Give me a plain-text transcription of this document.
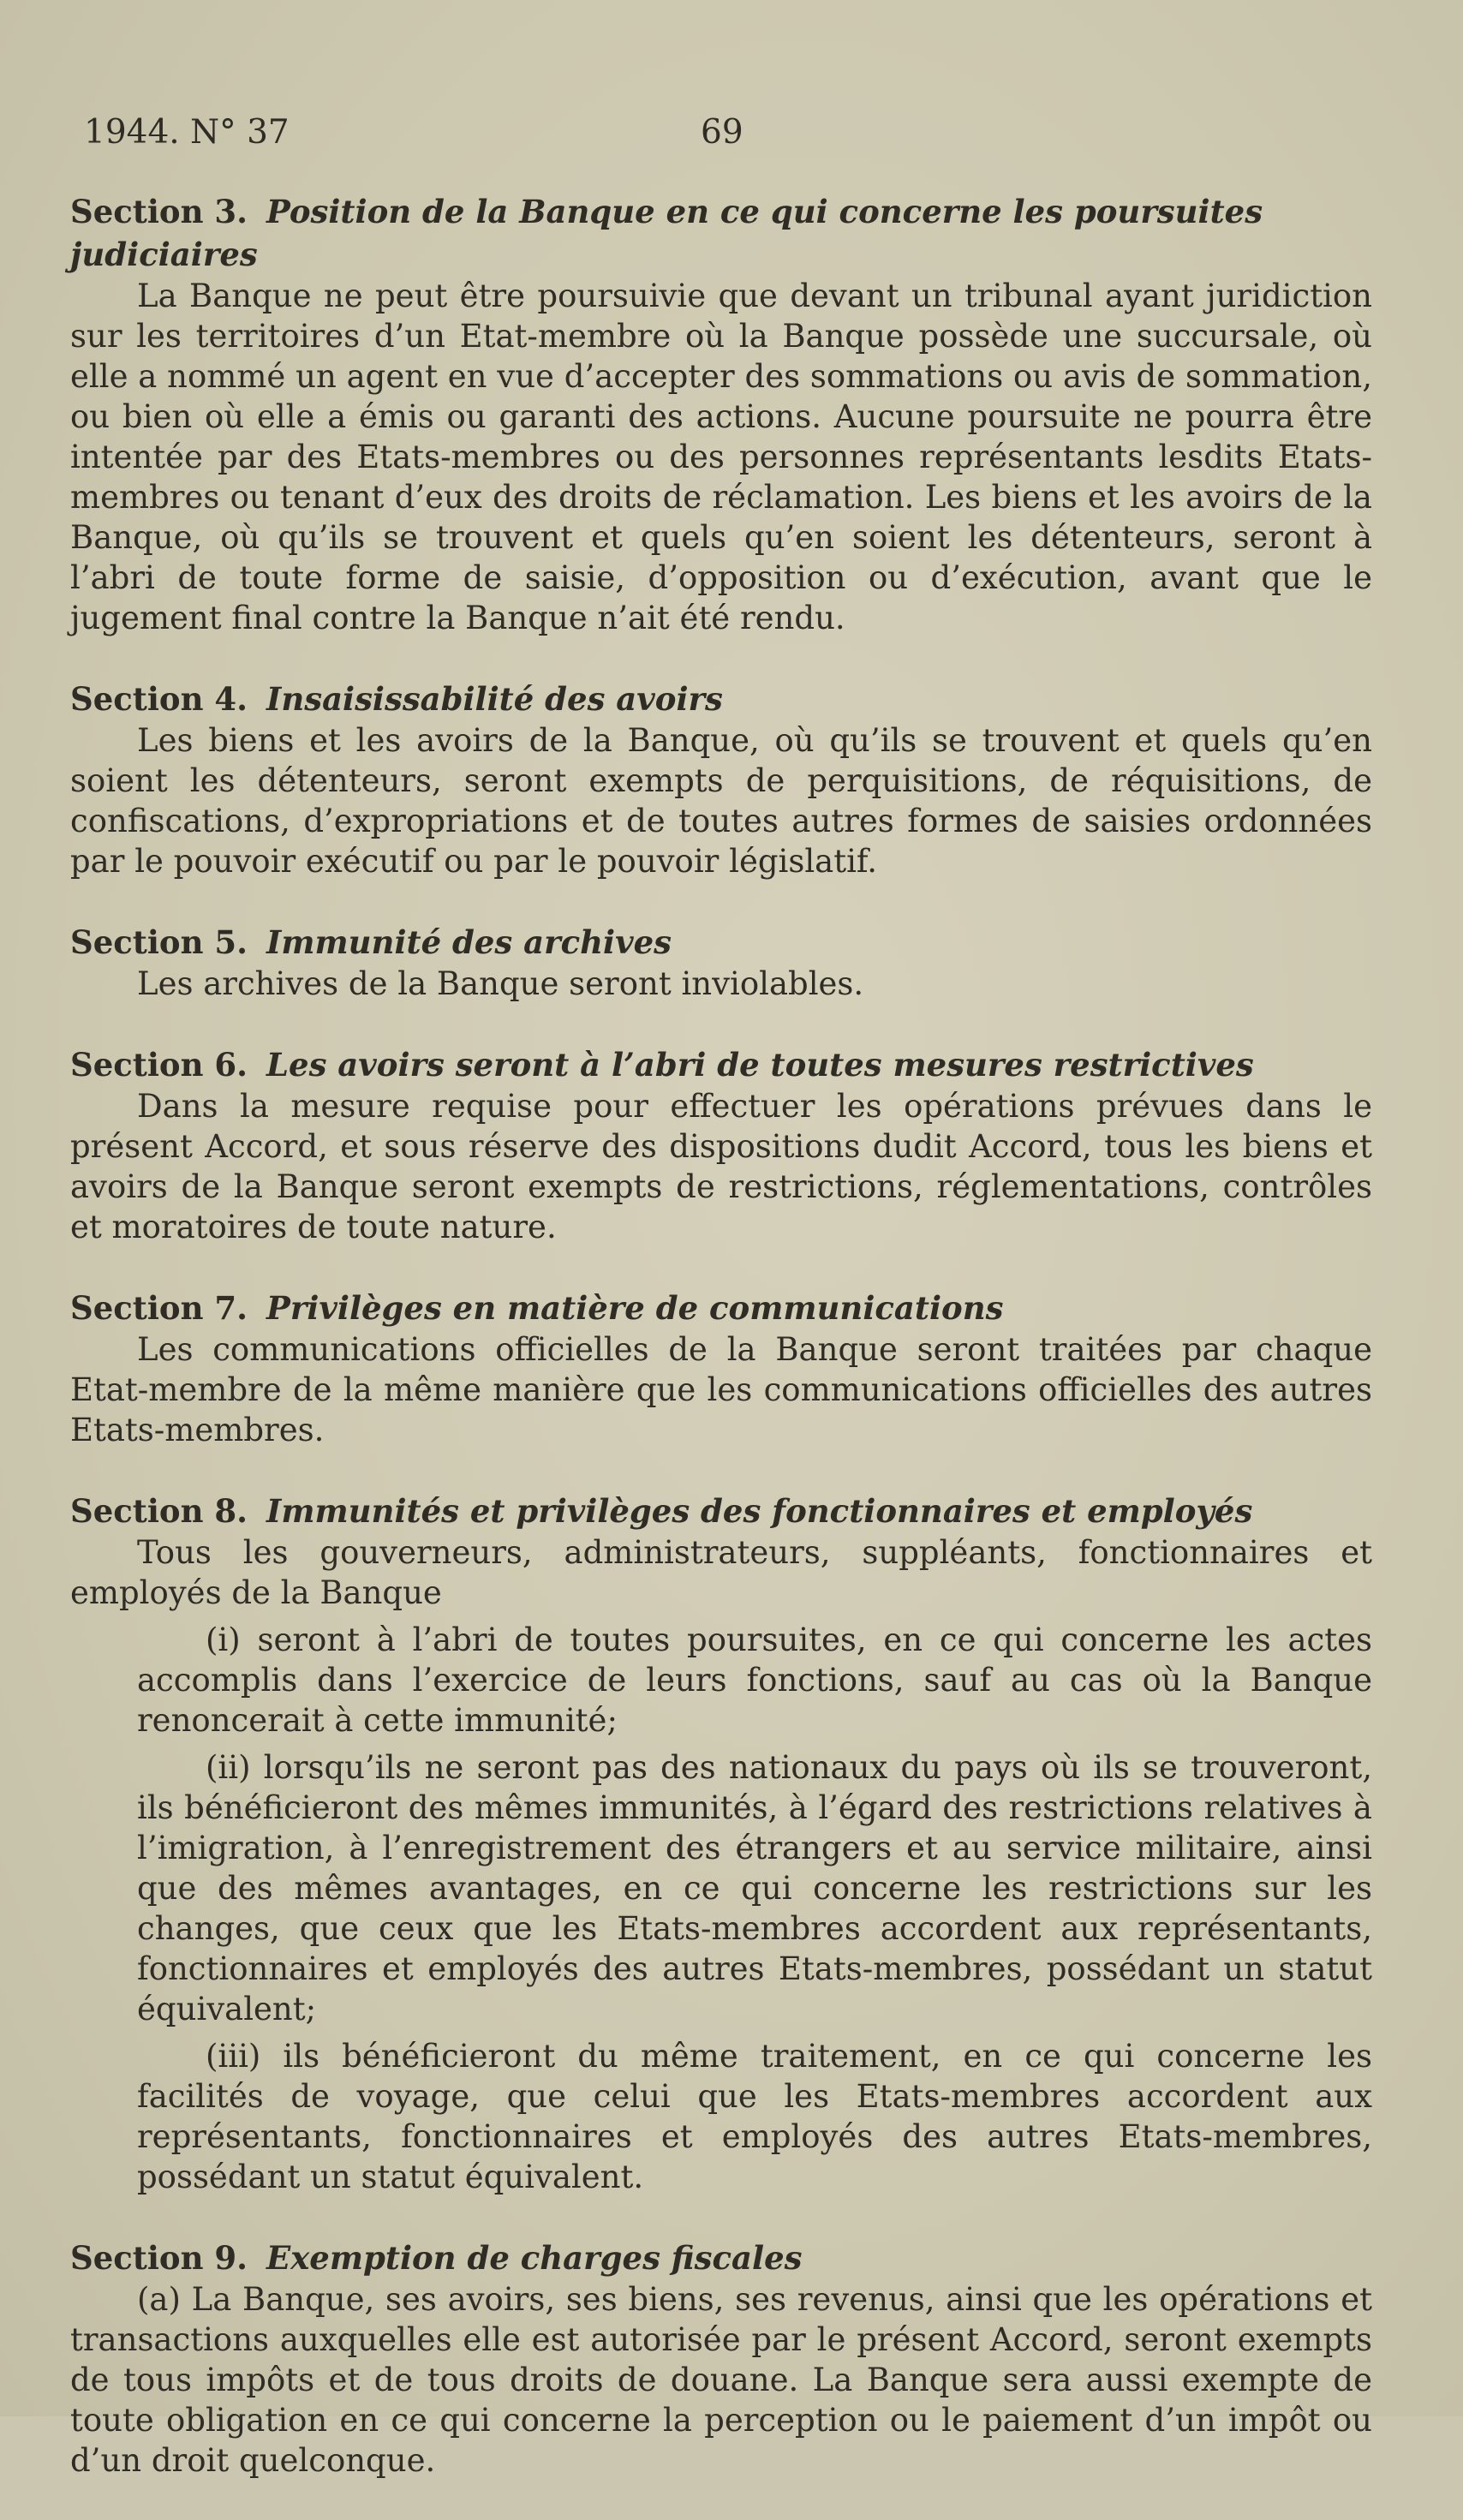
1944. N° 37	69
Section 3. Position de la Banque en ce qui concerne les poursuites judiciaires

La Banque ne peut être poursuivie que devant un tribunal ayant juridiction sur les territoires d’un Etat-membre où la Banque possède une succursale, où elle a nommé un agent en vue d’accepter des sommations ou avis de sommation, ou bien où elle a émis ou garanti des actions. Aucune poursuite ne pourra être intentée par des Etats-membres ou des personnes représentants lesdits Etats-membres ou tenant d’eux des droits de réclamation. Les biens et les avoirs de la Banque, où qu’ils se trouvent et quels qu’en soient les détenteurs, seront à l’abri de toute forme de saisie, d’opposition ou d’exécution, avant que le jugement final contre la Banque n’ait été rendu.

Section 4. Insaisissabilité des avoirs

Les biens et les avoirs de la Banque, où qu’ils se trouvent et quels qu’en soient les détenteurs, seront exempts de perquisitions, de réquisitions, de confiscations, d’expropriations et de toutes autres formes de saisies ordonnées par le pouvoir exécutif ou par le pouvoir législatif.

Section 5. Immunité des archives

Les archives de la Banque seront inviolables.

Section 6. Les avoirs seront à l’abri de toutes mesures restrictives

Dans la mesure requise pour effectuer les opérations prévues dans le présent Accord, et sous réserve des dispositions dudit Accord, tous les biens et avoirs de la Banque seront exempts de restrictions, réglementations, contrôles et moratoires de toute nature.

Section 7. Privilèges en matière de communications

Les communications officielles de la Banque seront traitées par chaque Etat-membre de la même manière que les communications officielles des autres Etats-membres.

Section 8. Immunités et privilèges des fonctionnaires et employés

Tous les gouverneurs, administrateurs, suppléants, fonctionnaires et employés de la Banque

(i) seront à l’abri de toutes poursuites, en ce qui concerne les actes accomplis dans l’exercice de leurs fonctions, sauf au cas où la Banque renoncerait à cette immunité;

(ii) lorsqu’ils ne seront pas des nationaux du pays où ils se trouveront, ils bénéficieront des mêmes immunités, à l’égard des restrictions relatives à l’imigration, à l’enregistrement des étrangers et au service militaire, ainsi que des mêmes avantages, en ce qui concerne les restrictions sur les changes, que ceux que les Etats-membres accordent aux représentants, fonctionnaires et employés des autres Etats-membres, possédant un statut équivalent;

(iii) ils bénéficieront du même traitement, en ce qui concerne les facilités de voyage, que celui que les Etats-membres accordent aux représentants, fonctionnaires et employés des autres Etats-membres, possédant un statut équivalent.

Section 9. Exemption de charges fiscales

(a) La Banque, ses avoirs, ses biens, ses revenus, ainsi que les opérations et transactions auxquelles elle est autorisée par le présent Accord, seront exempts de tous impôts et de tous droits de douane. La Banque sera aussi exempte de toute obligation en ce qui concerne la perception ou le paiement d’un impôt ou d’un droit quelconque.
